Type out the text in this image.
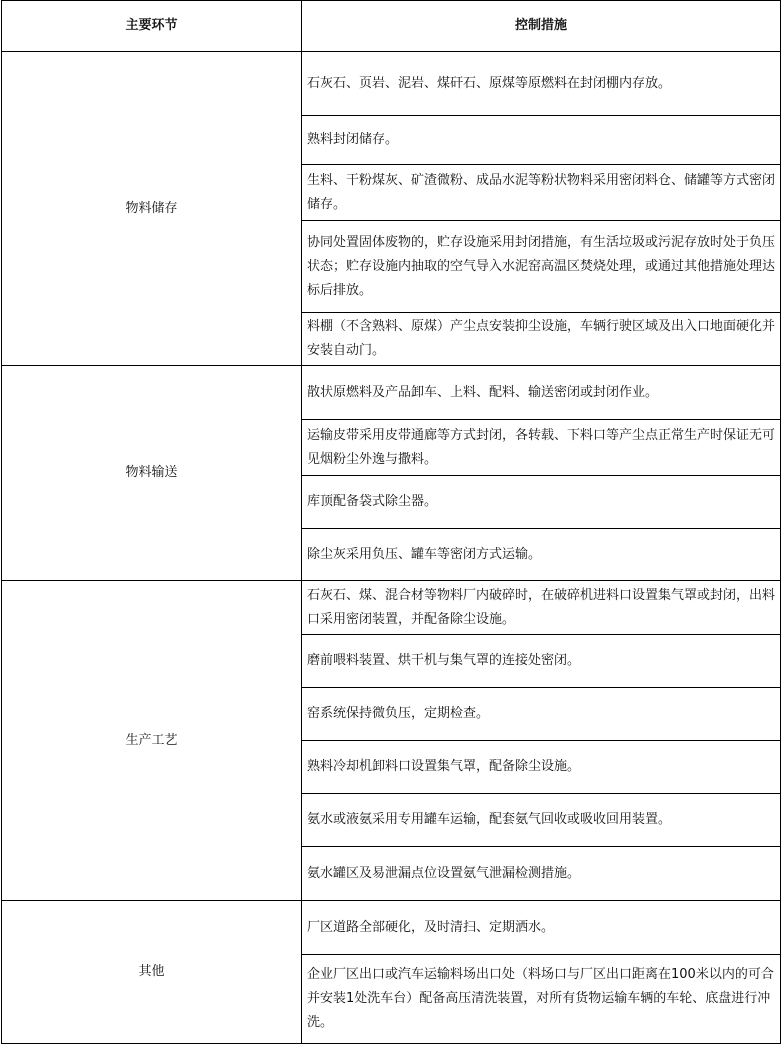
主要环节	控制措施
物料储存	石灰石、页岩、泥岩、煤矸石、原煤等原燃料在封闭棚内存放。
	熟料封闭储存。
	生料、干粉煤灰、矿渣微粉、成品水泥等粉状物料采用密闭料仓、储罐等方式密闭储存。
	协同处置固体废物的，贮存设施采用封闭措施，有生活垃圾或污泥存放时处于负压状态；贮存设施内抽取的空气导入水泥窑高温区焚烧处理，或通过其他措施处理达标后排放。
	料棚（不含熟料、原煤）产尘点安装抑尘设施，车辆行驶区域及出入口地面硬化并安装自动门。
物料输送	散状原燃料及产品卸车、上料、配料、输送密闭或封闭作业。
	运输皮带采用皮带通廊等方式封闭，各转载、下料口等产尘点正常生产时保证无可见烟粉尘外逸与撒料。
	库顶配备袋式除尘器。
	除尘灰采用负压、罐车等密闭方式运输。
生产工艺	石灰石、煤、混合材等物料厂内破碎时，在破碎机进料口设置集气罩或封闭，出料口采用密闭装置，并配备除尘设施。
	磨前喂料装置、烘干机与集气罩的连接处密闭。
	窑系统保持微负压，定期检查。
	熟料冷却机卸料口设置集气罩，配备除尘设施。
	氨水或液氨采用专用罐车运输，配套氨气回收或吸收回用装置。
	氨水罐区及易泄漏点位设置氨气泄漏检测措施。
其他	厂区道路全部硬化，及时清扫、定期洒水。
	企业厂区出口或汽车运输料场出口处（料场口与厂区出口距离在100米以内的可合并安装1处洗车台）配备高压清洗装置，对所有货物运输车辆的车轮、底盘进行冲洗。
